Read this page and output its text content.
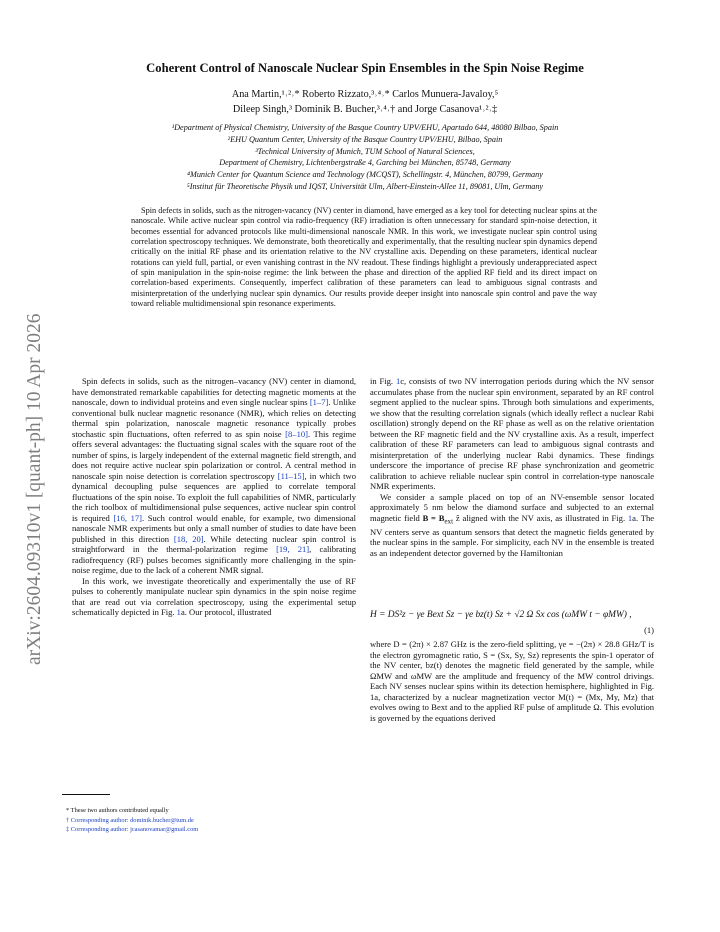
arXiv:2604.09310v1 [quant-ph] 10 Apr 2026
Coherent Control of Nanoscale Nuclear Spin Ensembles in the Spin Noise Regime
Ana Martin,¹˒²˒* Roberto Rizzato,³˒⁴˒* Carlos Munuera-Javaloy,⁵
Dileep Singh,³ Dominik B. Bucher,³˒⁴˒† and Jorge Casanova¹˒²˒‡
¹Department of Physical Chemistry, University of the Basque Country UPV/EHU, Apartado 644, 48080 Bilbao, Spain
²EHU Quantum Center, University of the Basque Country UPV/EHU, Bilbao, Spain
³Technical University of Munich, TUM School of Natural Sciences,
Department of Chemistry, Lichtenbergstraße 4, Garching bei München, 85748, Germany
⁴Munich Center for Quantum Science and Technology (MCQST), Schellingstr. 4, München, 80799, Germany
⁵Institut für Theoretische Physik und IQST, Universität Ulm, Albert-Einstein-Allee 11, 89081, Ulm, Germany
Spin defects in solids, such as the nitrogen-vacancy (NV) center in diamond, have emerged as a key tool for detecting nuclear spins at the nanoscale. While active nuclear spin control via radio-frequency (RF) irradiation is often unnecessary for standard spin-noise detection, it becomes essential for advanced protocols like multi-dimensional nanoscale NMR. In this work, we investigate nuclear spin control using correlation spectroscopy techniques. We demonstrate, both theoretically and experimentally, that the resulting nuclear spin dynamics depend critically on the initial RF phase and its orientation relative to the NV crystalline axis. Depending on these parameters, identical nuclear rotations can yield full, partial, or even vanishing contrast in the NV readout. These findings highlight a previously underappreciated aspect of spin manipulation in the spin-noise regime: the link between the phase and direction of the applied RF field and its direct impact on correlation-based experiments. Consequently, imperfect calibration of these parameters can lead to ambiguous signal contrasts and misinterpretation of the underlying nuclear spin dynamics. Our results provide deeper insight into nanoscale spin control and pave the way toward reliable multidimensional spin resonance experiments.

Spin defects in solids, such as the nitrogen–vacancy (NV) center in diamond, have demonstrated remarkable capabilities for detecting magnetic moments at the nanoscale, down to individual proteins and even single nuclear spins [1–7]. Unlike conventional bulk nuclear magnetic resonance (NMR), which relies on detecting thermal spin polarization, nanoscale magnetic resonance typically probes stochastic spin fluctuations, often referred to as spin noise [8–10]. This regime offers several advantages: the fluctuating signal scales with the square root of the number of spins, is largely independent of the external magnetic field strength, and does not require active nuclear spin polarization or control. A central method in nanoscale spin noise detection is correlation spectroscopy [11–15], in which two dynamical decoupling pulse sequences are applied to correlate temporal fluctuations of the spin noise. To exploit the full capabilities of NMR, particularly the rich toolbox of multidimensional pulse sequences, active nuclear spin control is required [16, 17]. Such control would enable, for example, two dimensional nanoscale NMR experiments but only a small number of studies to date have been published in this direction [18, 20]. While detecting nuclear spin control is straightforward in the thermal-polarization regime [19, 21], calibrating radiofrequency (RF) pulses becomes significantly more challenging in the spin-noise regime, due to the lack of a coherent NMR signal.

In this work, we investigate theoretically and experimentally the use of RF pulses to coherently manipulate nuclear spin dynamics in the spin noise regime that are read out via correlation spectroscopy, using the experimental setup schematically depicted in Fig. 1a. Our protocol, illustrated

* These two authors contributed equally
† Corresponding author: dominik.bucher@tum.de
‡ Corresponding author: jcasanovamar@gmail.com

in Fig. 1c, consists of two NV interrogation periods during which the NV sensor accumulates phase from the nuclear spin environment, separated by an RF control segment applied to the nuclear spins. Through both simulations and experiments, we show that the resulting correlation signals (which ideally reflect a nuclear Rabi oscillation) strongly depend on the RF phase as well as on the relative orientation between the RF magnetic field and the NV crystalline axis. As a result, imperfect calibration of these RF parameters can lead to ambiguous signal contrasts and misinterpretation of the underlying nuclear Rabi dynamics. These findings underscore the importance of precise RF phase synchronization and geometric calibration to achieve reliable nuclear spin control in correlation-type nanoscale NMR experiments.

We consider a sample placed on top of an NV-ensemble sensor located approximately 5 nm below the diamond surface and subjected to an external magnetic field $B = B_{ext}$ ẑ aligned with the NV axis, as illustrated in Fig. 1a. The NV centers serve as quantum sensors that detect the magnetic fields generated by the nuclear spins in the sample. For simplicity, each NV in the ensemble is treated as an independent detector governed by the Hamiltonian

H = DS²z − γe Bext Sz − γe bz(t) Sz + √2 Ω Sx cos (ωMW t − φMW) ,
(1)

where D = (2π) × 2.87 GHz is the zero-field splitting, γe = −(2π) × 28.8 GHz/T is the electron gyromagnetic ratio, S = (Sx, Sy, Sz) represents the spin-1 operator of the NV center, bz(t) denotes the magnetic field generated by the sample, while ΩMW and ωMW are the amplitude and frequency of the MW control drivings. Each NV senses nuclear spins within its detection hemisphere, highlighted in Fig. 1a, characterized by a nuclear magnetization vector M(t) = (Mx, My, Mz) that evolves owing to Bext and to the applied RF pulse of amplitude Ω. This evolution is governed by the equations derived
